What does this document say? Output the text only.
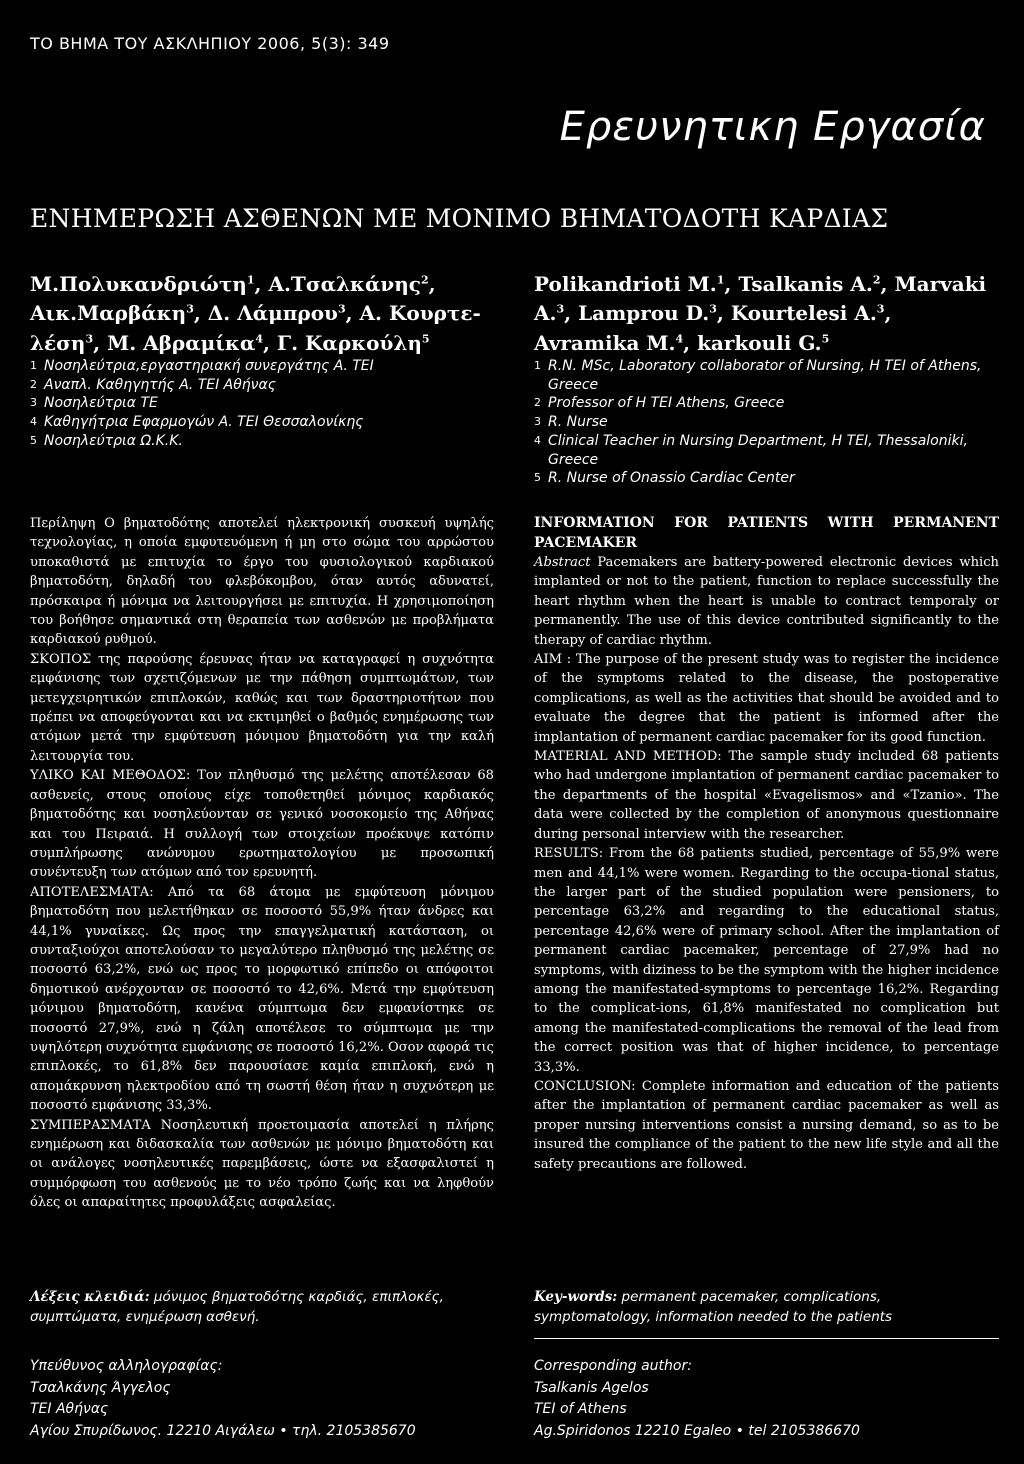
ΤΟ ΒΗΜΑ ΤΟΥ ΑΣΚΛΗΠΙΟΥ 2006, 5(3): 349
Ερευνητικη Εργασία
ΕΝΗΜΕΡΩΣΗ ΑΣΘΕΝΩΝ ΜΕ ΜΟΝΙΜΟ ΒΗΜΑΤΟΔΟΤΗ ΚΑΡΔΙΑΣ
Μ.Πολυκανδριώτη$^1$, Α.Τσαλκάνης$^2$, Αικ.Μαρβάκη$^3$, Δ. Λάμπρου$^3$, Α. Κουρτε-λέση$^3$, Μ. Αβραμίκα$^4$, Γ. Καρκούλη$^5$
Polikandrioti M.$^1$, Tsalkanis A.$^2$, Marvaki A.$^3$, Lamprou D.$^3$, Kourtelesi A.$^3$, Avramika M.$^4$, karkouli G.$^5$
1 Νοσηλεύτρια,εργαστηριακή συνεργάτης Α. ΤΕΙ
2 Αναπλ. Καθηγητής Α. ΤΕΙ Αθήνας
3 Νοσηλεύτρια ΤΕ
4 Καθηγήτρια Εφαρμογών Α. ΤΕΙ Θεσσαλονίκης
5 Νοσηλεύτρια Ω.Κ.Κ.
1 R.N. MSc, Laboratory collaborator of Nursing, H TEI of Athens, Greece
2 Professor of H TEI Athens, Greece
3 R. Nurse
4 Clinical Teacher in Nursing Department, H TEI, Thessaloniki, Greece
5 R. Nurse of Onassio Cardiac Center

Περίληψη Ο βηματοδότης αποτελεί ηλεκτρονική συσκευή υψηλής τεχνολογίας, η οποία εμφυτευόμενη ή μη στο σώμα του αρρώστου υποκαθιστά με επιτυχία το έργο του φυσιολογικού καρδιακού βηματοδότη, δηλαδή του φλεβόκομβου, όταν αυτός αδυνατεί, πρόσκαιρα ή μόνιμα να λειτουργήσει με επιτυχία. Η χρησιμοποίηση του βοήθησε σημαντικά στη θεραπεία των ασθενών με προβλήματα καρδιακού ρυθμού.

ΣΚΟΠΟΣ της παρούσης έρευνας ήταν να καταγραφεί η συχνότητα εμφάνισης των σχετιζόμενων με την πάθηση συμπτωμάτων, των μετεγχειρητικών επιπλοκών, καθώς και των δραστηριοτήτων που πρέπει να αποφεύγονται και να εκτιμηθεί ο βαθμός ενημέρωσης των ατόμων μετά την εμφύτευση μόνιμου βηματοδότη για την καλή λειτουργία του.

ΥΛΙΚΟ ΚΑΙ ΜΕΘΟΔΟΣ: Τον πληθυσμό της μελέτης αποτέλεσαν 68 ασθενείς, στους οποίους είχε τοποθετηθεί μόνιμος καρδιακός βηματοδότης και νοσηλεύονταν σε γενικό νοσοκομείο της Αθήνας και του Πειραιά. Η συλλογή των στοιχείων προέκυψε κατόπιν συμπλήρωσης ανώνυμου ερωτηματολογίου με προσωπική συνέντευξη των ατόμων από τον ερευνητή.

ΑΠΟΤΕΛΕΣΜΑΤΑ: Από τα 68 άτομα με εμφύτευση μόνιμου βηματοδότη που μελετήθηκαν σε ποσοστό 55,9% ήταν άνδρες και 44,1% γυναίκες. Ως προς την επαγγελματική κατάσταση, οι συνταξιούχοι αποτελούσαν το μεγαλύτερο πληθυσμό της μελέτης σε ποσοστό 63,2%, ενώ ως προς το μορφωτικό επίπεδο οι απόφοιτοι δημοτικού ανέρχονταν σε ποσοστό το 42,6%. Μετά την εμφύτευση μόνιμου βηματοδότη, κανένα σύμπτωμα δεν εμφανίστηκε σε ποσοστό 27,9%, ενώ η ζάλη αποτέλεσε το σύμπτωμα με την υψηλότερη συχνότητα εμφάνισης σε ποσοστό 16,2%. Οσον αφορά τις επιπλοκές, το 61,8% δεν παρουσίασε καμία επιπλοκή, ενώ η απομάκρυνση ηλεκτροδίου από τη σωστή θέση ήταν η συχνότερη με ποσοστό εμφάνισης 33,3%.

ΣΥΜΠΕΡΑΣΜΑΤΑ Νοσηλευτική προετοιμασία αποτελεί η πλήρης ενημέρωση και διδασκαλία των ασθενών με μόνιμο βηματοδότη και οι ανάλογες νοσηλευτικές παρεμβάσεις, ώστε να εξασφαλιστεί η συμμόρφωση του ασθενούς με το νέο τρόπο ζωής και να ληφθούν όλες οι απαραίτητες προφυλάξεις ασφαλείας.

INFORMATION FOR PATIENTS WITH PERMANENT PACEMAKER

Abstract Pacemakers are battery-powered electronic devices which implanted or not to the patient, function to replace successfully the heart rhythm when the heart is unable to contract temporaly or permanently. The use of this device contributed significantly to the therapy of cardiac rhythm.

AIM : The purpose of the present study was to register the incidence of the symptoms related to the disease, the postoperative complications, as well as the activities that should be avoided and to evaluate the degree that the patient is informed after the implantation of permanent cardiac pacemaker for its good function.

MATERIAL AND METHOD: The sample study included 68 patients who had undergone implantation of permanent cardiac pacemaker to the departments of the hospital «Evagelismos» and «Tzanio». The data were collected by the completion of anonymous questionnaire during personal interview with the researcher.

RESULTS: From the 68 patients studied, percentage of 55,9% were men and 44,1% were women. Regarding to the occupa-tional status, the larger part of the studied population were pensioners, to percentage 63,2% and regarding to the educational status, percentage 42,6% were of primary school. After the implantation of permanent cardiac pacemaker, percentage of 27,9% had no symptoms, with diziness to be the symptom with the higher incidence among the manifestated-symptoms to percentage 16,2%. Regarding to the complicat-ions, 61,8% manifestated no complication but among the manifestated-complications the removal of the lead from the correct position was that of higher incidence, to percentage 33,3%.

CONCLUSION: Complete information and education of the patients after the implantation of permanent cardiac pacemaker as well as proper nursing interventions consist a nursing demand, so as to be insured the compliance of the patient to the new life style and all the safety precautions are followed.

Λέξεις κλειδιά: μόνιμος βηματοδότης καρδιάς, επιπλοκές, συμπτώματα, ενημέρωση ασθενή.
Key-words: permanent pacemaker, complications, symptomatology, information needed to the patients
Υπεύθυνος αλληλογραφίας:
Τσαλκάνης Άγγελος
ΤΕΙ Αθήνας
Αγίου Σπυρίδωνος. 12210 Αιγάλεω • τηλ. 2105385670
Corresponding author:
Tsalkanis Agelos
TEI of Athens
Ag.Spiridonos 12210 Egaleo • tel 2105386670
